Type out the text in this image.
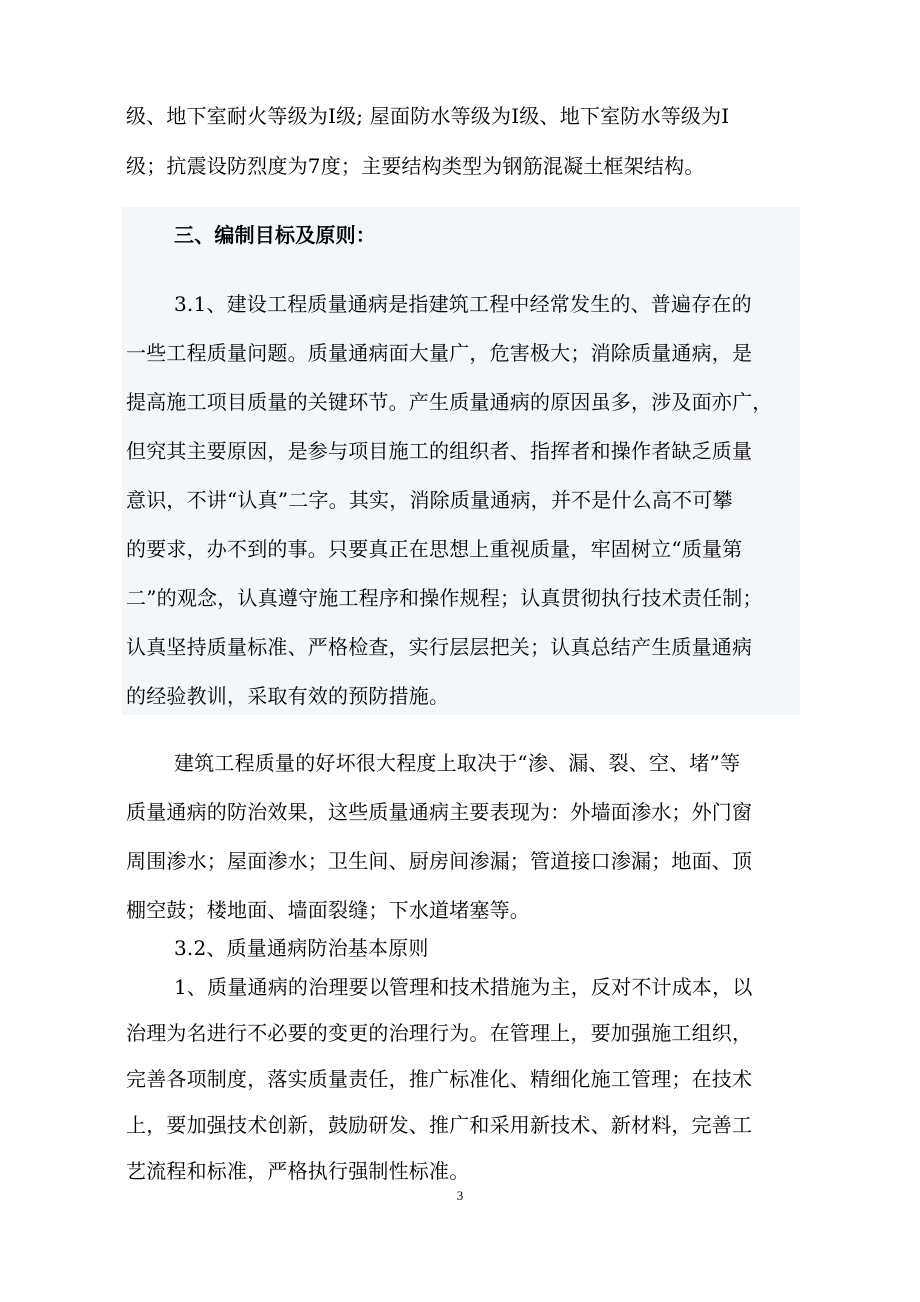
级、地下室耐火等级为Ⅰ级; 屋面防水等级为Ⅰ级、地下室防水等级为Ⅰ
级；抗震设防烈度为7度；主要结构类型为钢筋混凝土框架结构。
三、编制目标及原则：
3.1、建设工程质量通病是指建筑工程中经常发生的、普遍存在的
一些工程质量问题。质量通病面大量广，危害极大；消除质量通病，是
提高施工项目质量的关键环节。产生质量通病的原因虽多，涉及面亦广，
但究其主要原因，是参与项目施工的组织者、指挥者和操作者缺乏质量
意识，不讲“认真”二字。其实，消除质量通病，并不是什么高不可攀
的要求，办不到的事。只要真正在思想上重视质量，牢固树立“质量第
二”的观念，认真遵守施工程序和操作规程；认真贯彻执行技术责任制；
认真坚持质量标准、严格检查，实行层层把关；认真总结产生质量通病
的经验教训，采取有效的预防措施。
建筑工程质量的好坏很大程度上取决于“渗、漏、裂、空、堵”等
质量通病的防治效果，这些质量通病主要表现为：外墙面渗水；外门窗
周围渗水；屋面渗水；卫生间、厨房间渗漏；管道接口渗漏；地面、顶
棚空鼓；楼地面、墙面裂缝；下水道堵塞等。
3.2、质量通病防治基本原则
1、质量通病的治理要以管理和技术措施为主，反对不计成本，以
治理为名进行不必要的变更的治理行为。在管理上，要加强施工组织，
完善各项制度，落实质量责任，推广标准化、精细化施工管理；在技术
上，要加强技术创新，鼓励研发、推广和采用新技术、新材料，完善工
艺流程和标准，严格执行强制性标准。
3
